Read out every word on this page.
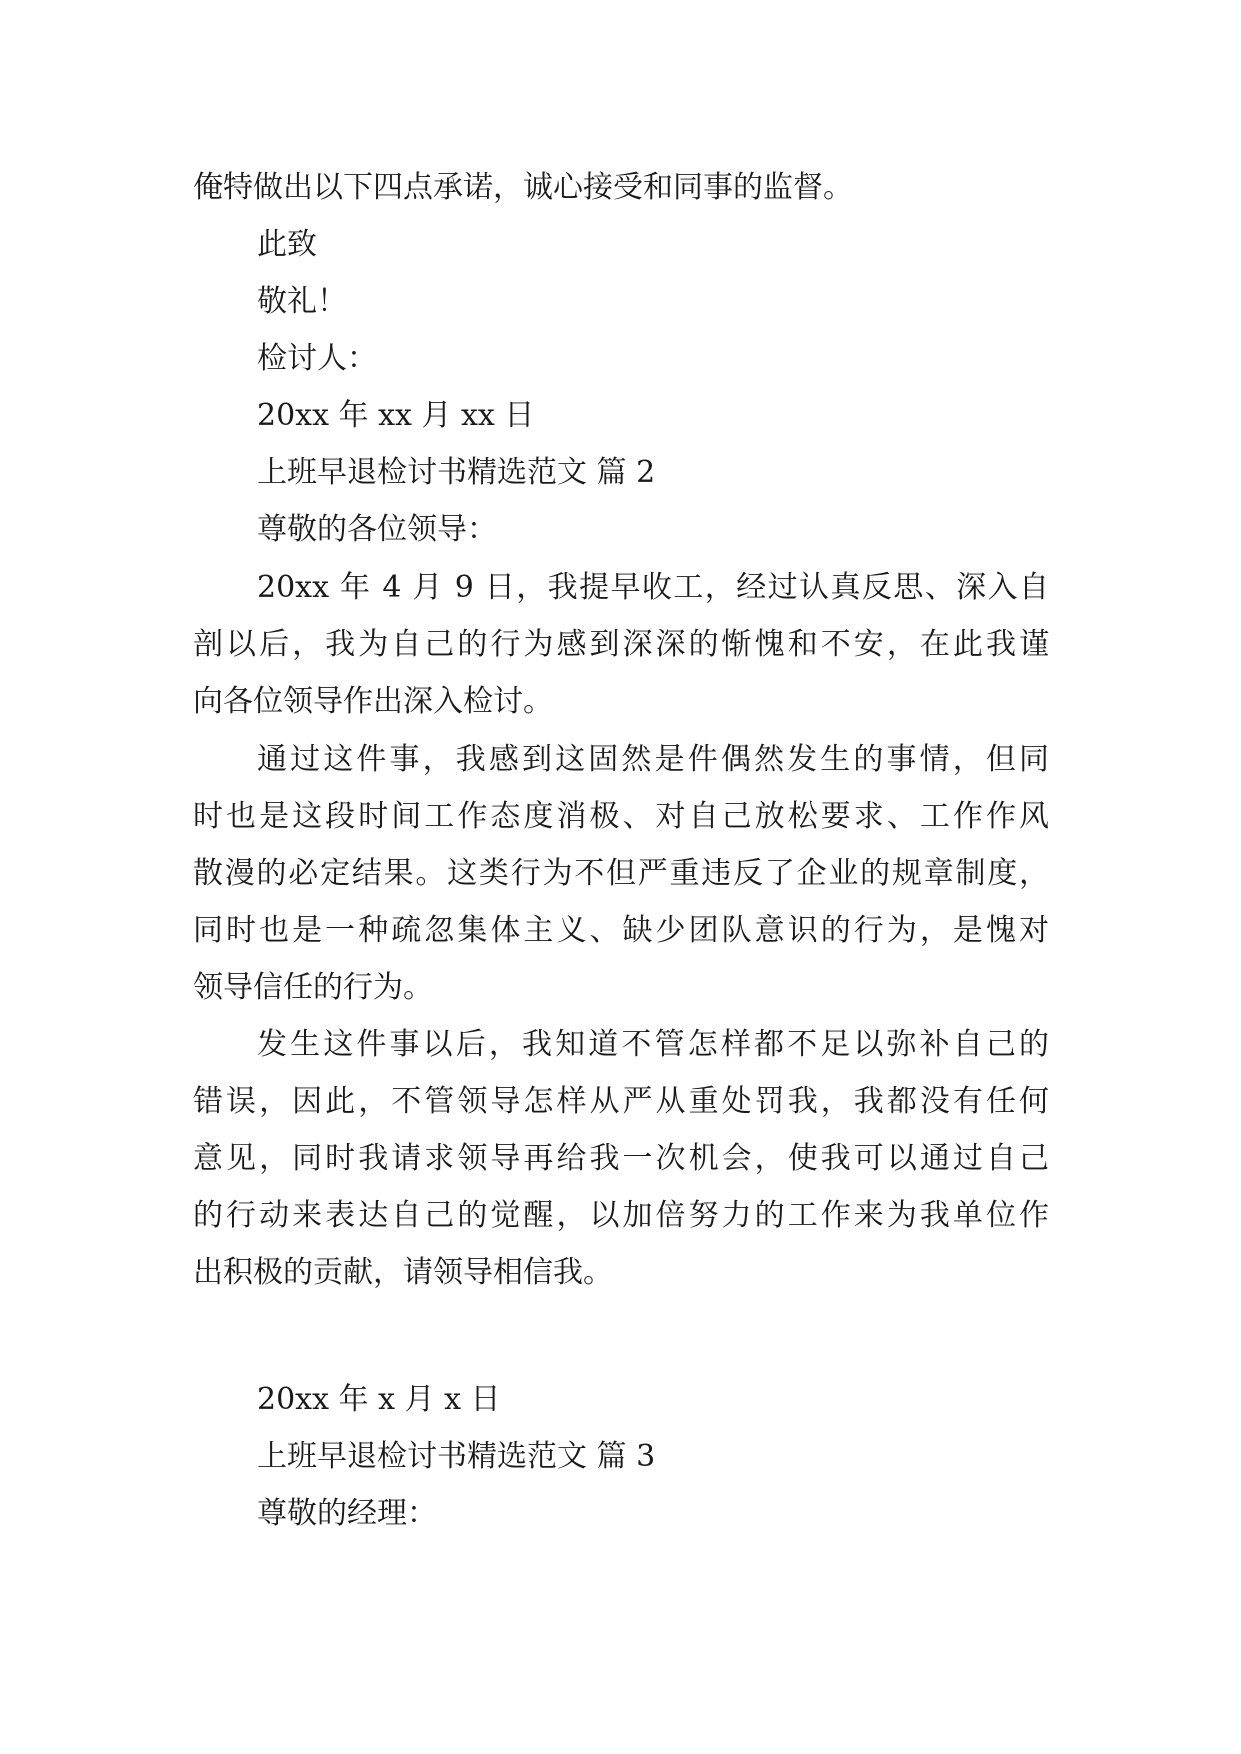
俺特做出以下四点承诺，诚心接受和同事的监督。
此致
敬礼！
检讨人：
20xx 年 xx 月 xx 日
上班早退检讨书精选范文 篇 2
尊敬的各位领导：
20xx 年 4 月 9 日，我提早收工，经过认真反思、深入自
剖以后，我为自己的行为感到深深的惭愧和不安，在此我谨
向各位领导作出深入检讨。
通过这件事，我感到这固然是件偶然发生的事情，但同
时也是这段时间工作态度消极、对自己放松要求、工作作风
散漫的必定结果。这类行为不但严重违反了企业的规章制度，
同时也是一种疏忽集体主义、缺少团队意识的行为，是愧对
领导信任的行为。
发生这件事以后，我知道不管怎样都不足以弥补自己的
错误，因此，不管领导怎样从严从重处罚我，我都没有任何
意见，同时我请求领导再给我一次机会，使我可以通过自己
的行动来表达自己的觉醒，以加倍努力的工作来为我单位作
出积极的贡献，请领导相信我。
20xx 年 x 月 x 日
上班早退检讨书精选范文 篇 3
尊敬的经理：
